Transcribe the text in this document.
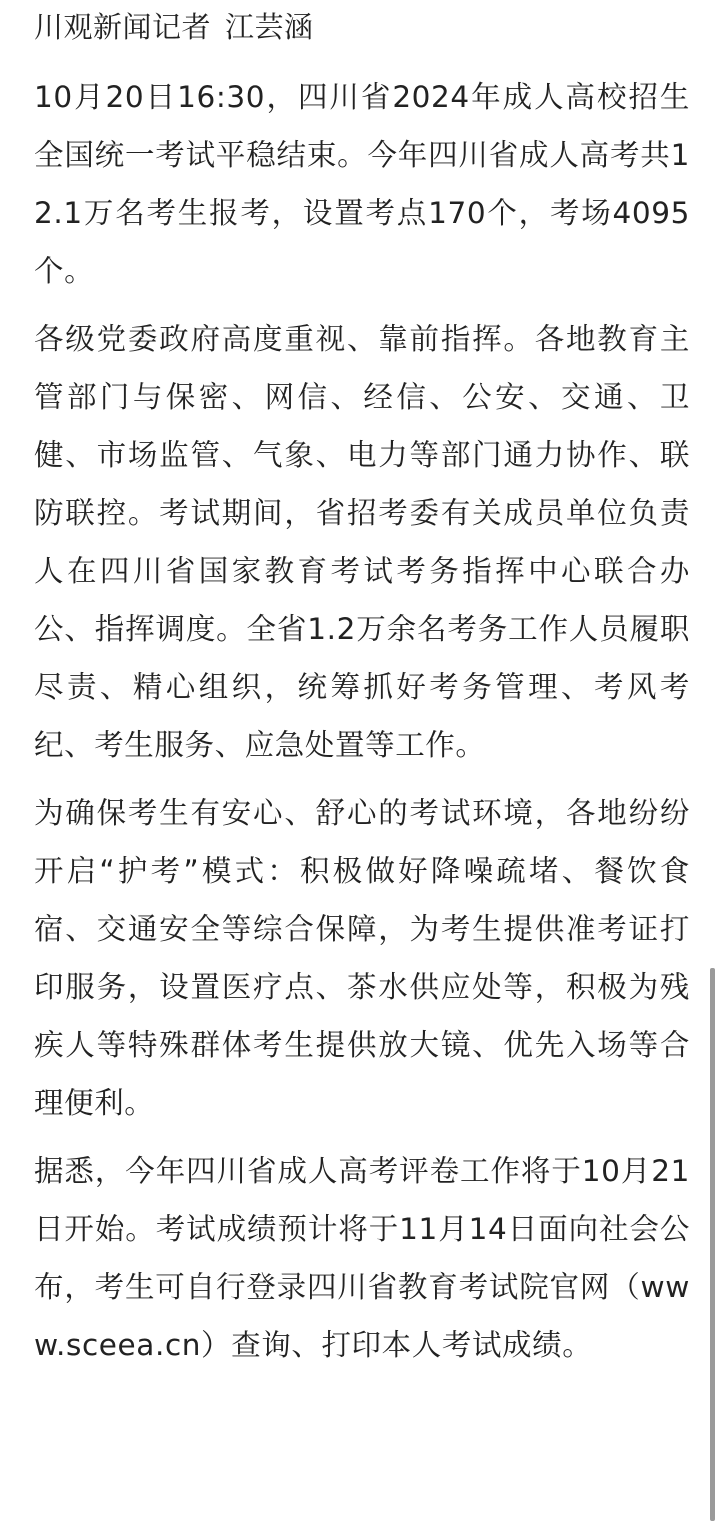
川观新闻记者 江芸涵

10月20日16:30，四川省2024年成人高校招生全国统一考试平稳结束。今年四川省成人高考共12.1万名考生报考，设置考点170个，考场4095个。

各级党委政府高度重视、靠前指挥。各地教育主管部门与保密、网信、经信、公安、交通、卫健、市场监管、气象、电力等部门通力协作、联防联控。考试期间，省招考委有关成员单位负责人在四川省国家教育考试考务指挥中心联合办公、指挥调度。全省1.2万余名考务工作人员履职尽责、精心组织，统筹抓好考务管理、考风考纪、考生服务、应急处置等工作。

为确保考生有安心、舒心的考试环境，各地纷纷开启“护考”模式：积极做好降噪疏堵、餐饮食宿、交通安全等综合保障，为考生提供准考证打印服务，设置医疗点、茶水供应处等，积极为残疾人等特殊群体考生提供放大镜、优先入场等合理便利。

据悉，今年四川省成人高考评卷工作将于10月21日开始。考试成绩预计将于11月14日面向社会公布，考生可自行登录四川省教育考试院官网（www.sceea.cn）查询、打印本人考试成绩。
